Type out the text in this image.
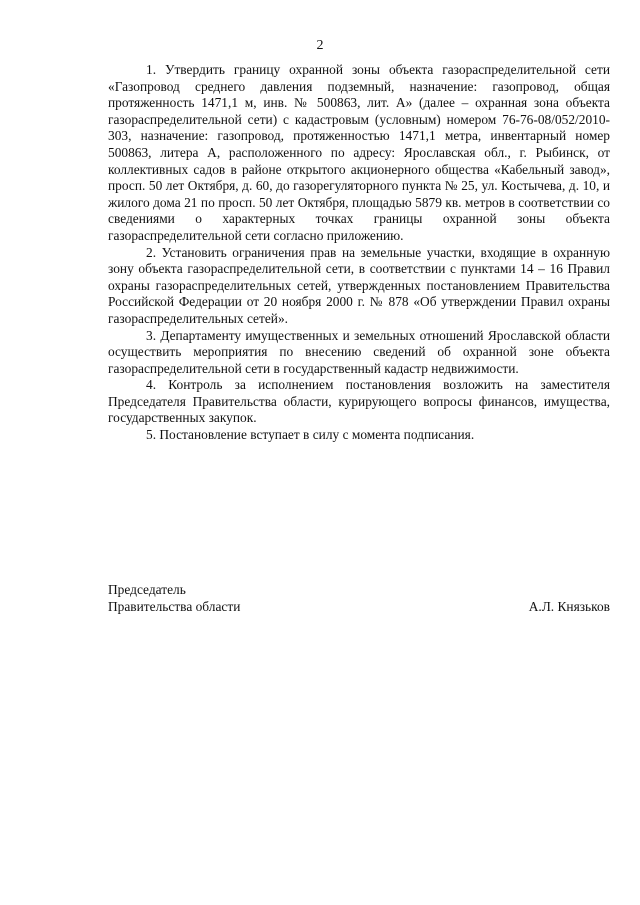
2

1. Утвердить границу охранной зоны объекта газораспределительной сети «Газопровод среднего давления подземный, назначение: газопровод, общая протяженность 1471,1 м, инв. № 500863, лит. А» (далее – охранная зона объекта газораспределительной сети) с кадастровым (условным) номером 76-76-08/052/2010-303, назначение: газопровод, протяженностью 1471,1 метра, инвентарный номер 500863, литера А, расположенного по адресу: Ярославская обл., г. Рыбинск, от коллективных садов в районе открытого акционерного общества «Кабельный завод», просп. 50 лет Октября, д. 60, до газорегуляторного пункта № 25, ул. Костычева, д. 10, и жилого дома 21 по просп. 50 лет Октября, площадью 5879 кв. метров в соответствии со сведениями о характерных точках границы охранной зоны объекта газораспределительной сети согласно приложению.

2. Установить ограничения прав на земельные участки, входящие в охранную зону объекта газораспределительной сети, в соответствии с пунктами 14 – 16 Правил охраны газораспределительных сетей, утвержденных постановлением Правительства Российской Федерации от 20 ноября 2000 г. № 878 «Об утверждении Правил охраны газораспределительных сетей».

3. Департаменту имущественных и земельных отношений Ярославской области осуществить мероприятия по внесению сведений об охранной зоне объекта газораспределительной сети в государственный кадастр недвижимости.

4. Контроль за исполнением постановления возложить на заместителя Председателя Правительства области, курирующего вопросы финансов, имущества, государственных закупок.

5. Постановление вступает в силу с момента подписания.

Председатель
Правительства области	А.Л. Князьков
